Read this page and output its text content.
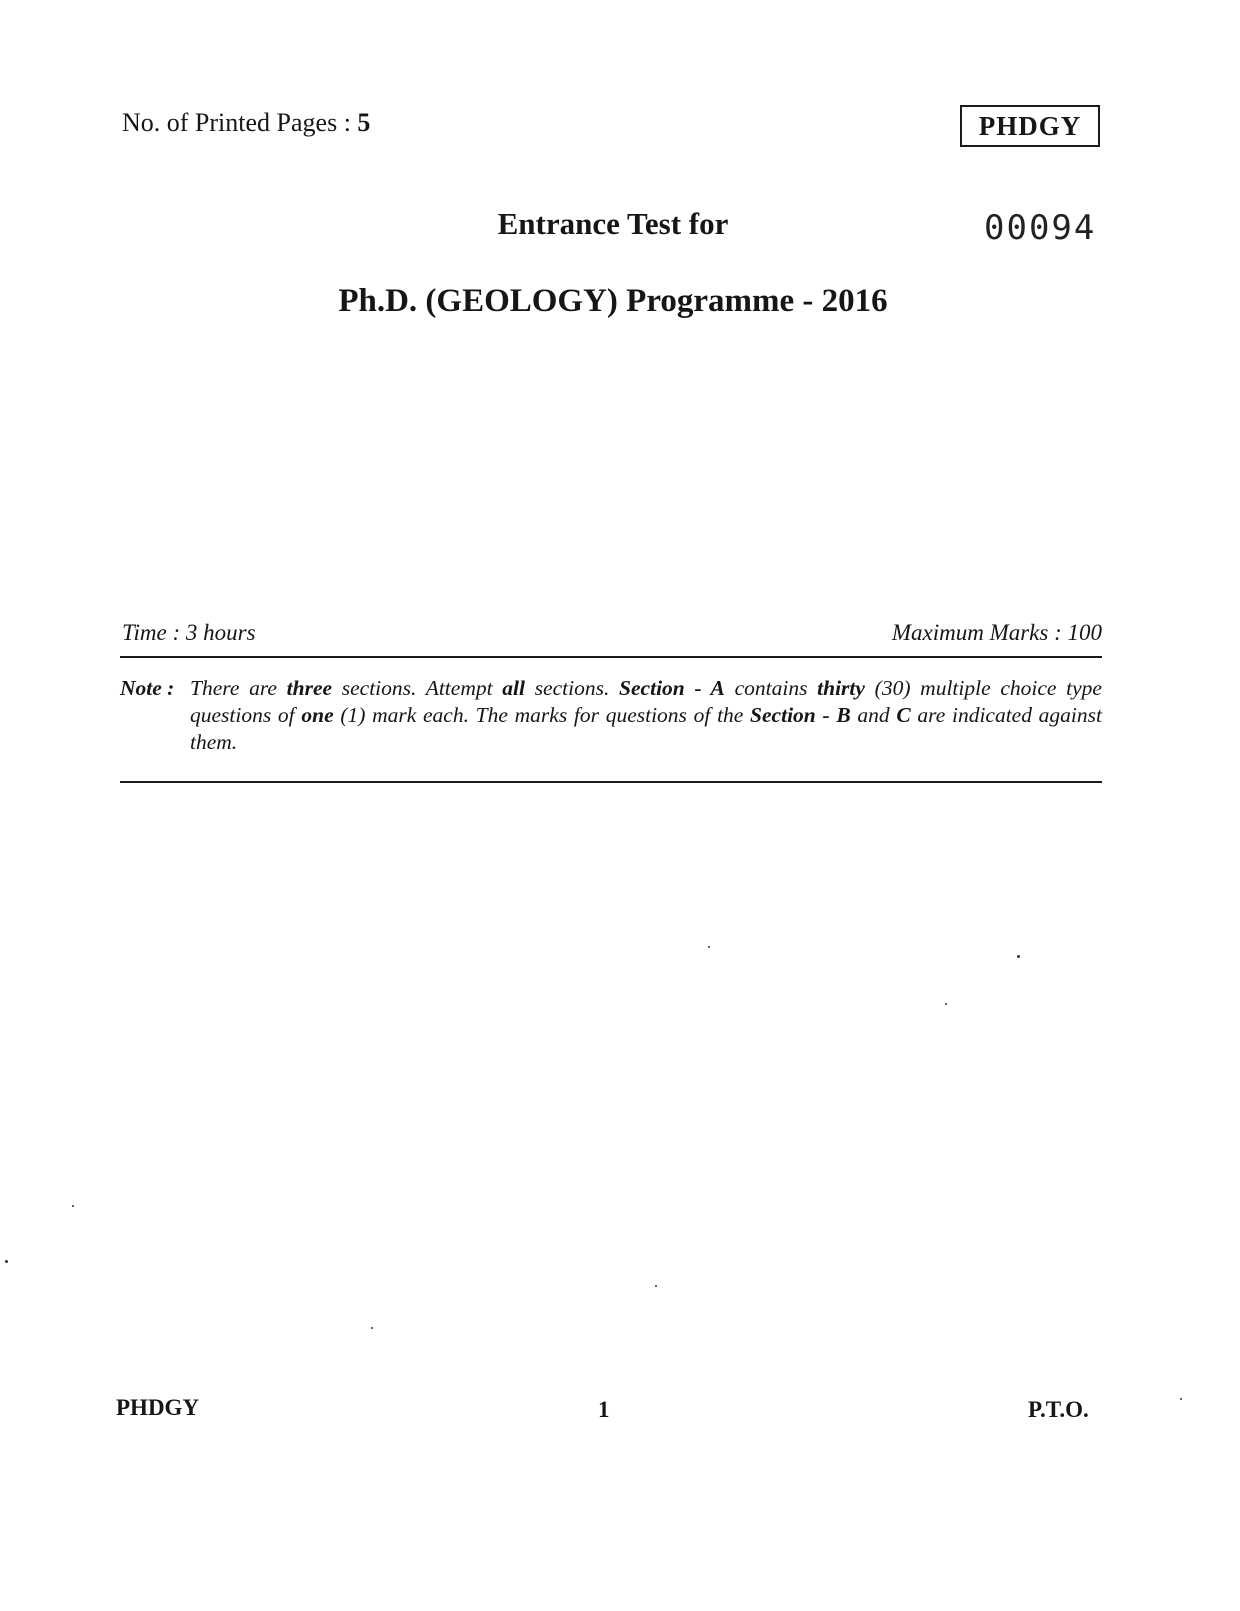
No. of Printed Pages : 5	PHDGY
00094
Entrance Test for
Ph.D. (GEOLOGY) Programme - 2016
Time : 3 hours	Maximum Marks : 100
Note : There are three sections. Attempt all sections. Section - A contains thirty (30) multiple choice type questions of one (1) mark each. The marks for questions of the Section - B and C are indicated against them.
PHDGY	1	P.T.O.
